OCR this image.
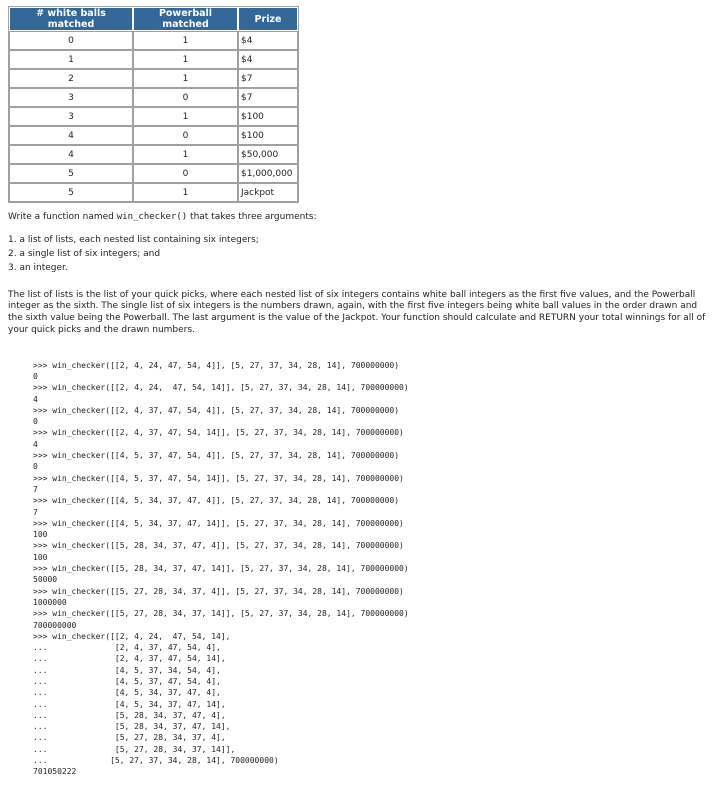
# white balls matched	Powerball matched	Prize
0	1	$4
1	1	$4
2	1	$7
3	0	$7
3	1	$100
4	0	$100
4	1	$50,000
5	0	$1,000,000
5	1	Jackpot

Write a function named win_checker() that takes three arguments:

1. a list of lists, each nested list containing six integers;
2. a single list of six integers; and
3. an integer.

The list of lists is the list of your quick picks, where each nested list of six integers contains white ball integers as the first five values, and the Powerball integer as the sixth. The single list of six integers is the numbers drawn, again, with the first five integers being white ball values in the order drawn and the sixth value being the Powerball. The last argument is the value of the Jackpot. Your function should calculate and RETURN your total winnings for all of your quick picks and the drawn numbers.

>>> win_checker([[2, 4, 24, 47, 54, 4]], [5, 27, 37, 34, 28, 14], 700000000)
0
>>> win_checker([[2, 4, 24,  47, 54, 14]], [5, 27, 37, 34, 28, 14], 700000000)
4
>>> win_checker([[2, 4, 37, 47, 54, 4]], [5, 27, 37, 34, 28, 14], 700000000)
0
>>> win_checker([[2, 4, 37, 47, 54, 14]], [5, 27, 37, 34, 28, 14], 700000000)
4
>>> win_checker([[4, 5, 37, 47, 54, 4]], [5, 27, 37, 34, 28, 14], 700000000)
0
>>> win_checker([[4, 5, 37, 47, 54, 14]], [5, 27, 37, 34, 28, 14], 700000000)
7
>>> win_checker([[4, 5, 34, 37, 47, 4]], [5, 27, 37, 34, 28, 14], 700000000)
7
>>> win_checker([[4, 5, 34, 37, 47, 14]], [5, 27, 37, 34, 28, 14], 700000000)
100
>>> win_checker([[5, 28, 34, 37, 47, 4]], [5, 27, 37, 34, 28, 14], 700000000)
100
>>> win_checker([[5, 28, 34, 37, 47, 14]], [5, 27, 37, 34, 28, 14], 700000000)
50000
>>> win_checker([[5, 27, 28, 34, 37, 4]], [5, 27, 37, 34, 28, 14], 700000000)
1000000
>>> win_checker([[5, 27, 28, 34, 37, 14]], [5, 27, 37, 34, 28, 14], 700000000)
700000000
>>> win_checker([[2, 4, 24,  47, 54, 14],
...              [2, 4, 37, 47, 54, 4],
...              [2, 4, 37, 47, 54, 14],
...              [4, 5, 37, 34, 54, 4],
...              [4, 5, 37, 47, 54, 4],
...              [4, 5, 34, 37, 47, 4],
...              [4, 5, 34, 37, 47, 14],
...              [5, 28, 34, 37, 47, 4],
...              [5, 28, 34, 37, 47, 14],
...              [5, 27, 28, 34, 37, 4],
...              [5, 27, 28, 34, 37, 14]],
...             [5, 27, 37, 34, 28, 14], 700000000)
701050222
